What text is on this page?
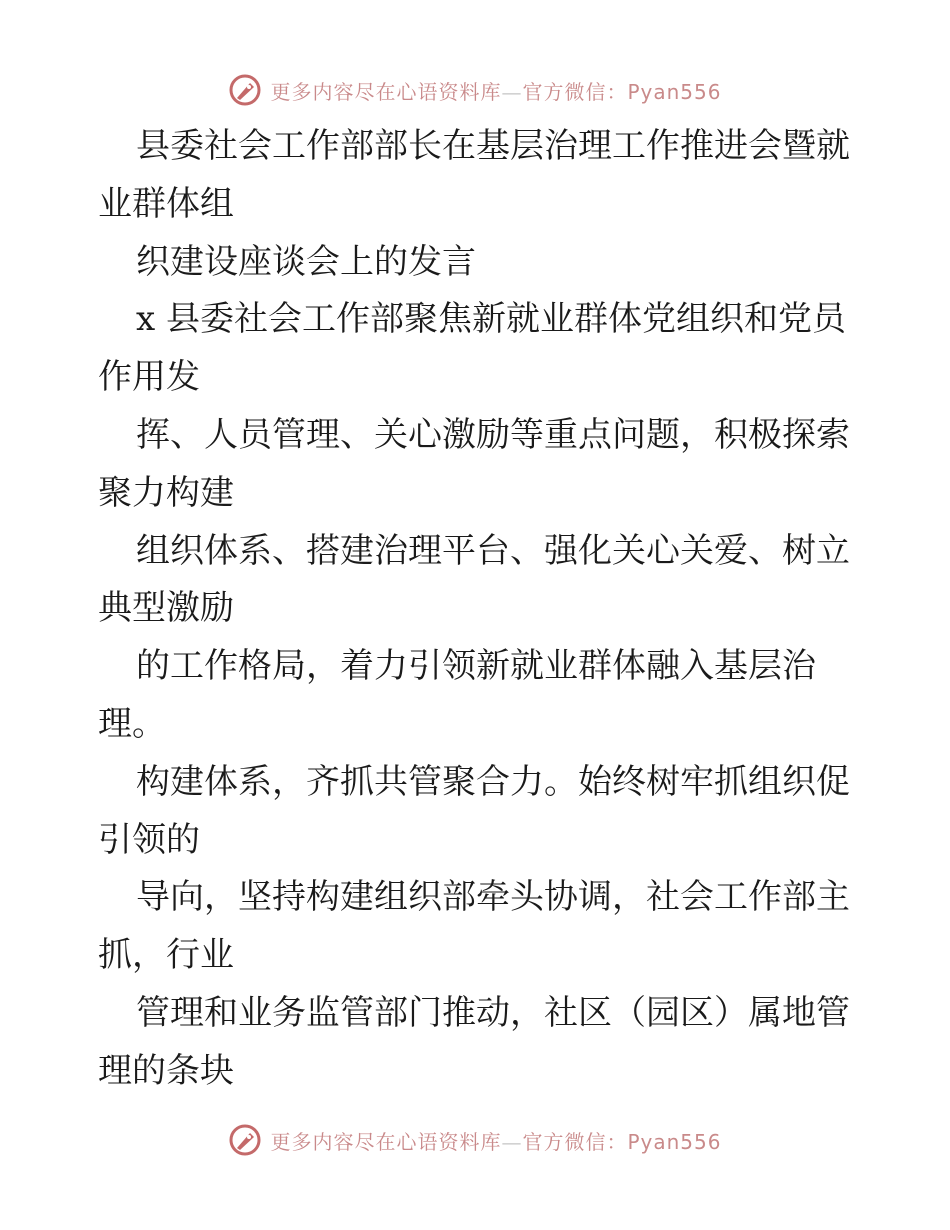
更多内容尽在心语资料库—官方微信：Pyan556
县委社会工作部部长在基层治理工作推进会暨就
业群体组
织建设座谈会上的发言
x 县委社会工作部聚焦新就业群体党组织和党员
作用发
挥、人员管理、关心激励等重点问题，积极探索
聚力构建
组织体系、搭建治理平台、强化关心关爱、树立
典型激励
的工作格局，着力引领新就业群体融入基层治
理。
构建体系，齐抓共管聚合力。始终树牢抓组织促
引领的
导向，坚持构建组织部牵头协调，社会工作部主
抓，行业
管理和业务监管部门推动，社区（园区）属地管
理的条块
更多内容尽在心语资料库—官方微信：Pyan556
